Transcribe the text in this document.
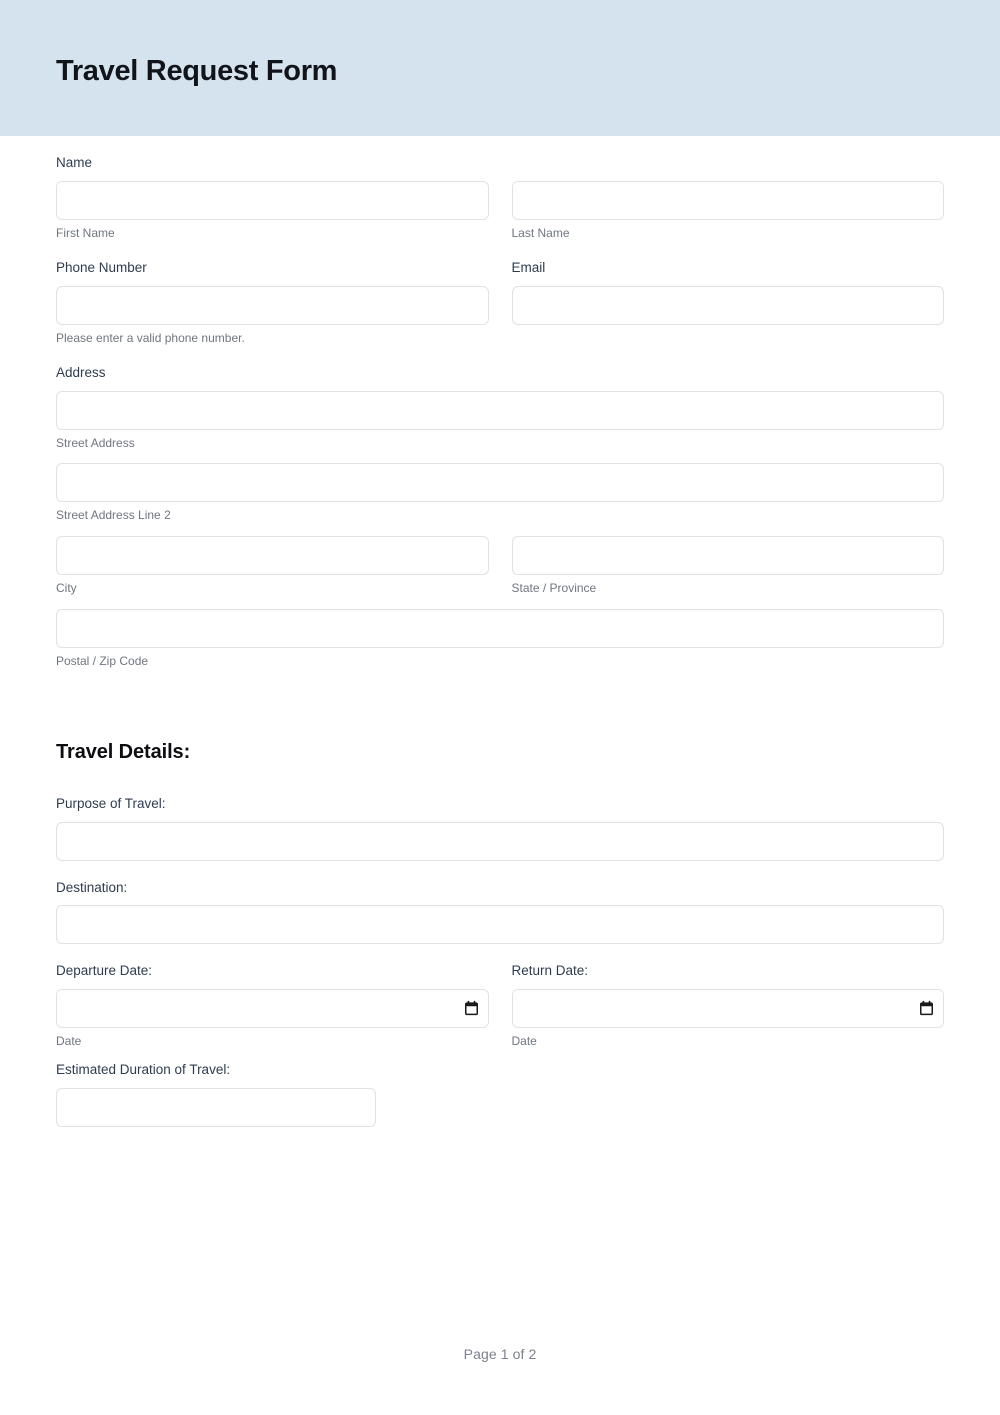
Travel Request Form
Name
First Name	Last Name
Phone Number	Email
Please enter a valid phone number.
Address
Street Address
Street Address Line 2
City	State / Province
Postal / Zip Code
Travel Details:
Purpose of Travel:
Destination:
Departure Date:	Return Date:
Date	Date
Estimated Duration of Travel:
Page 1 of 2
